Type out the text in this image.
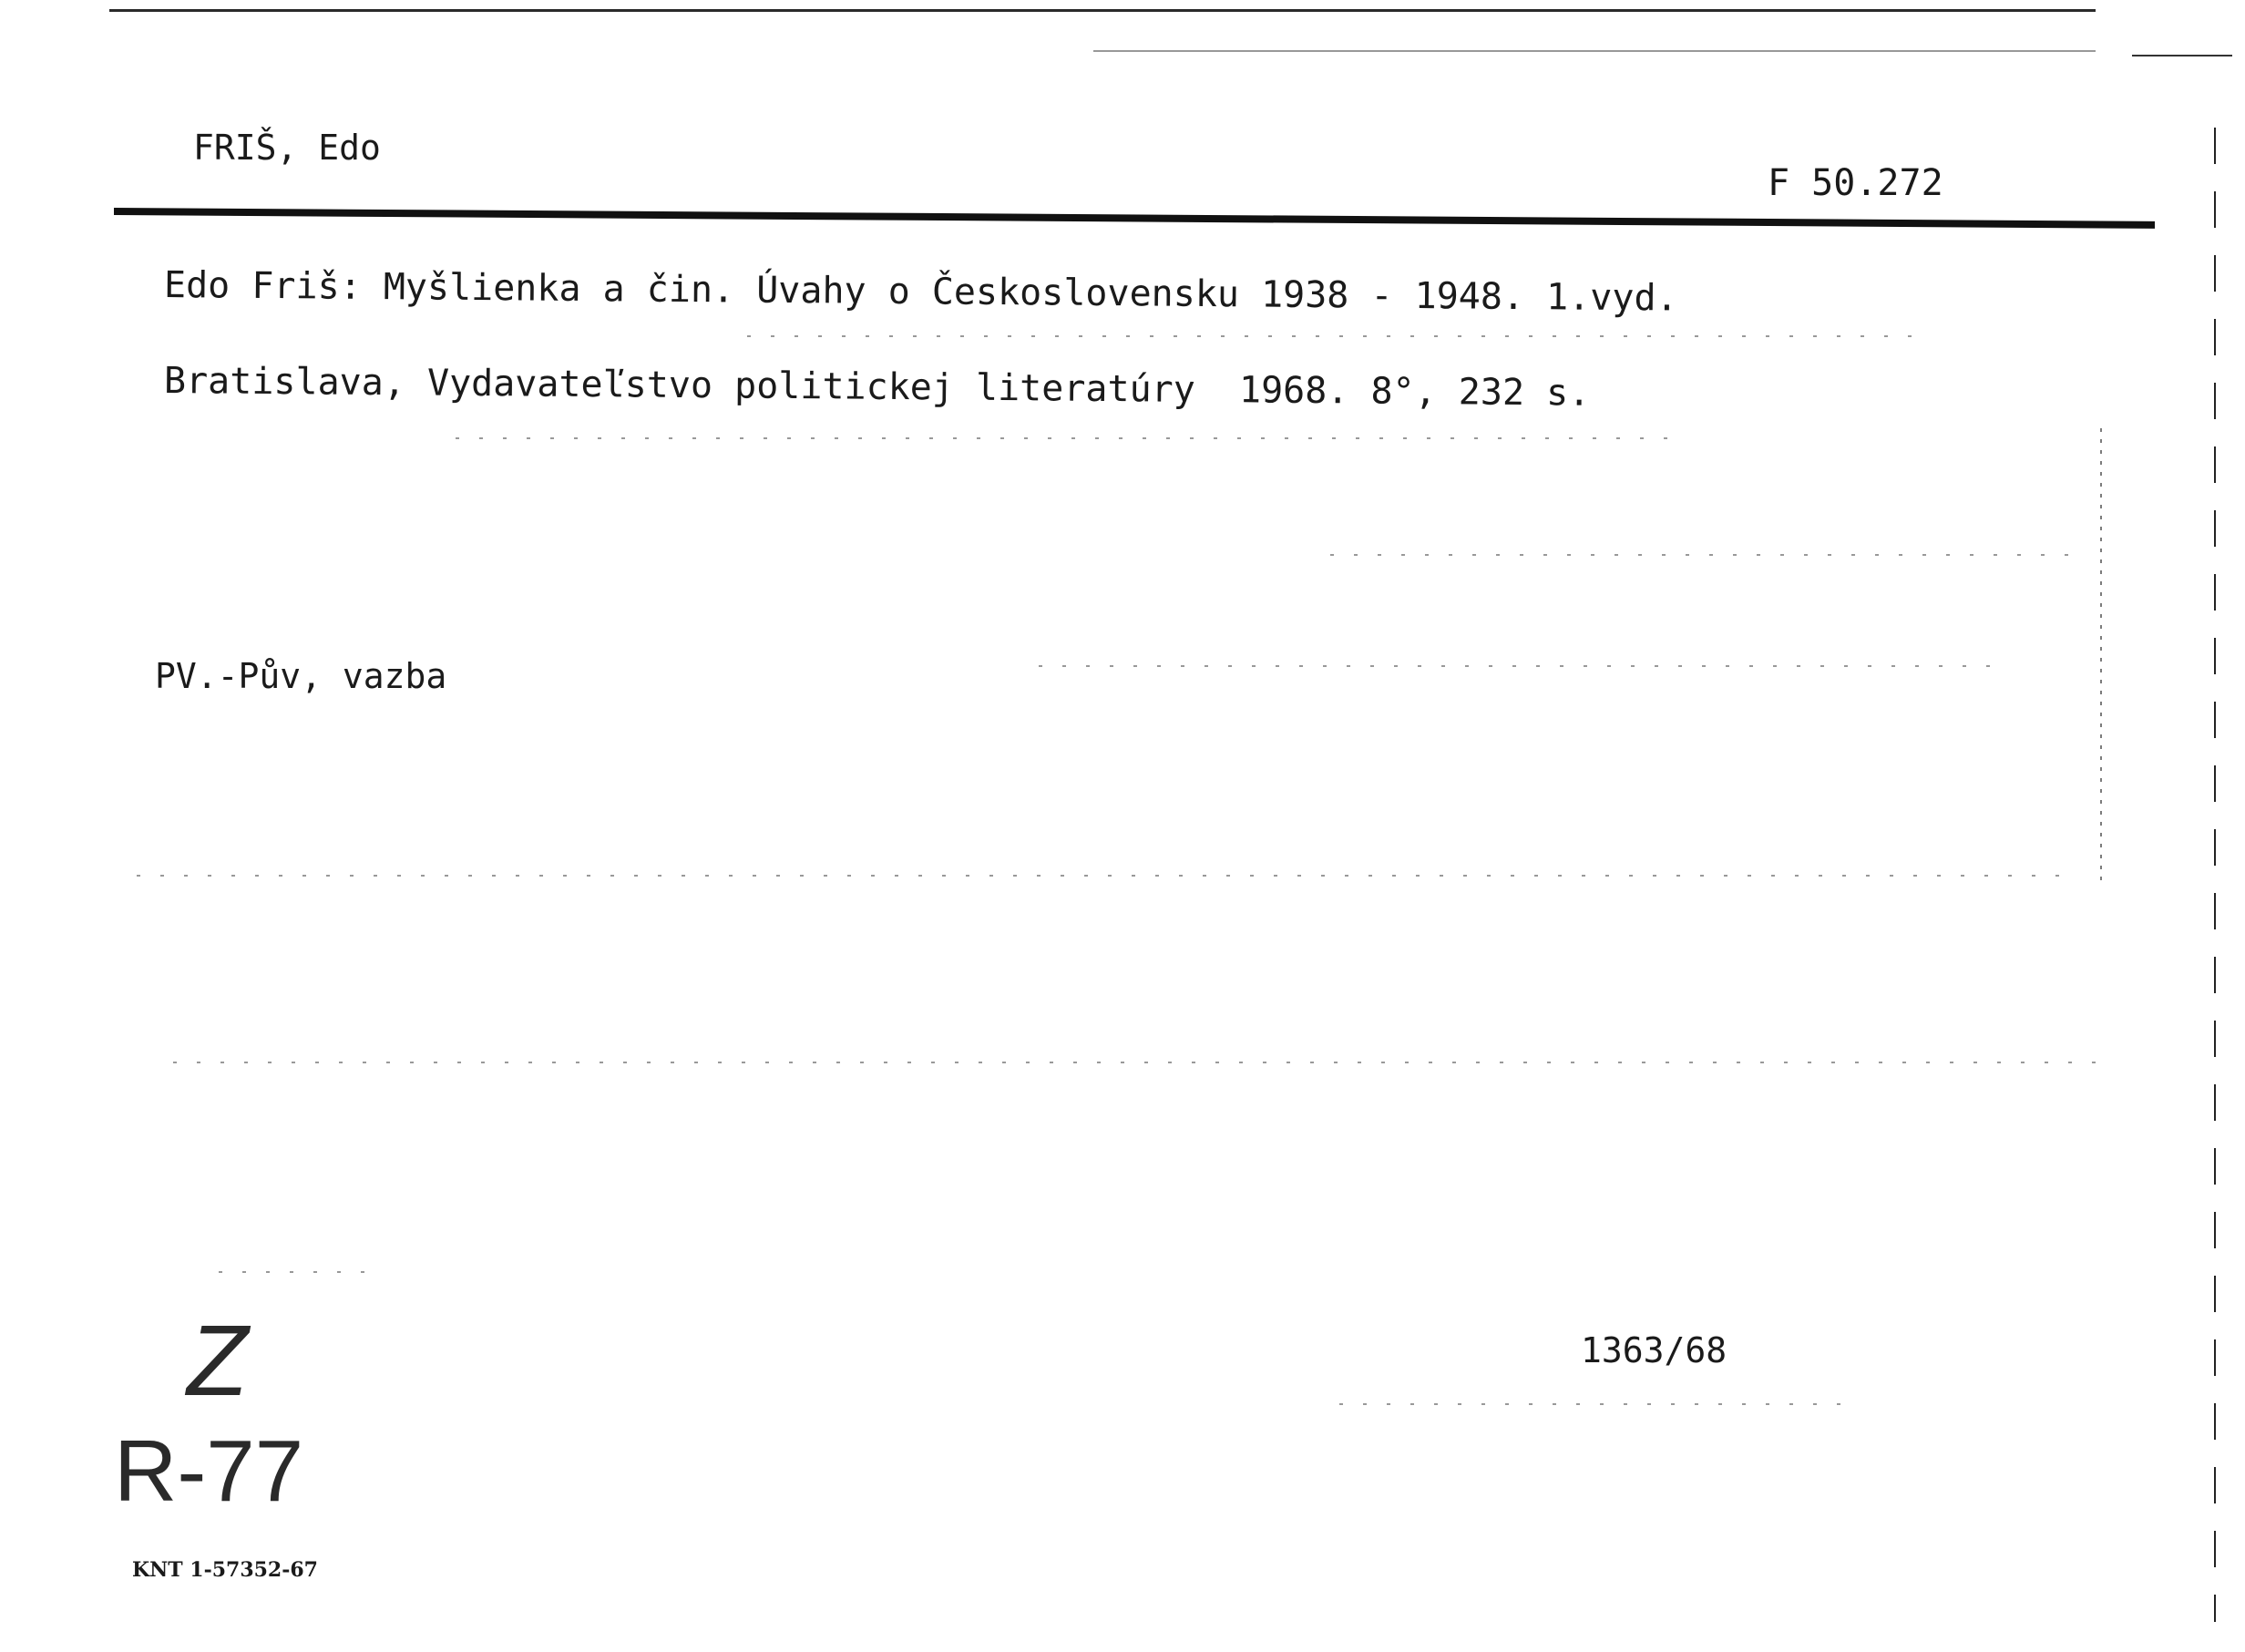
FRIŠ, Edo
F 50.272
Edo Friš: Myšlienka a čin. Úvahy o Československu 1938 - 1948. 1.vyd.
Bratislava, Vydavateľstvo politickej literatúry  1968. 8°, 232 s.
PV.-Pův, vazba
Z
R-77
1363/68
KNT 1-57352-67
